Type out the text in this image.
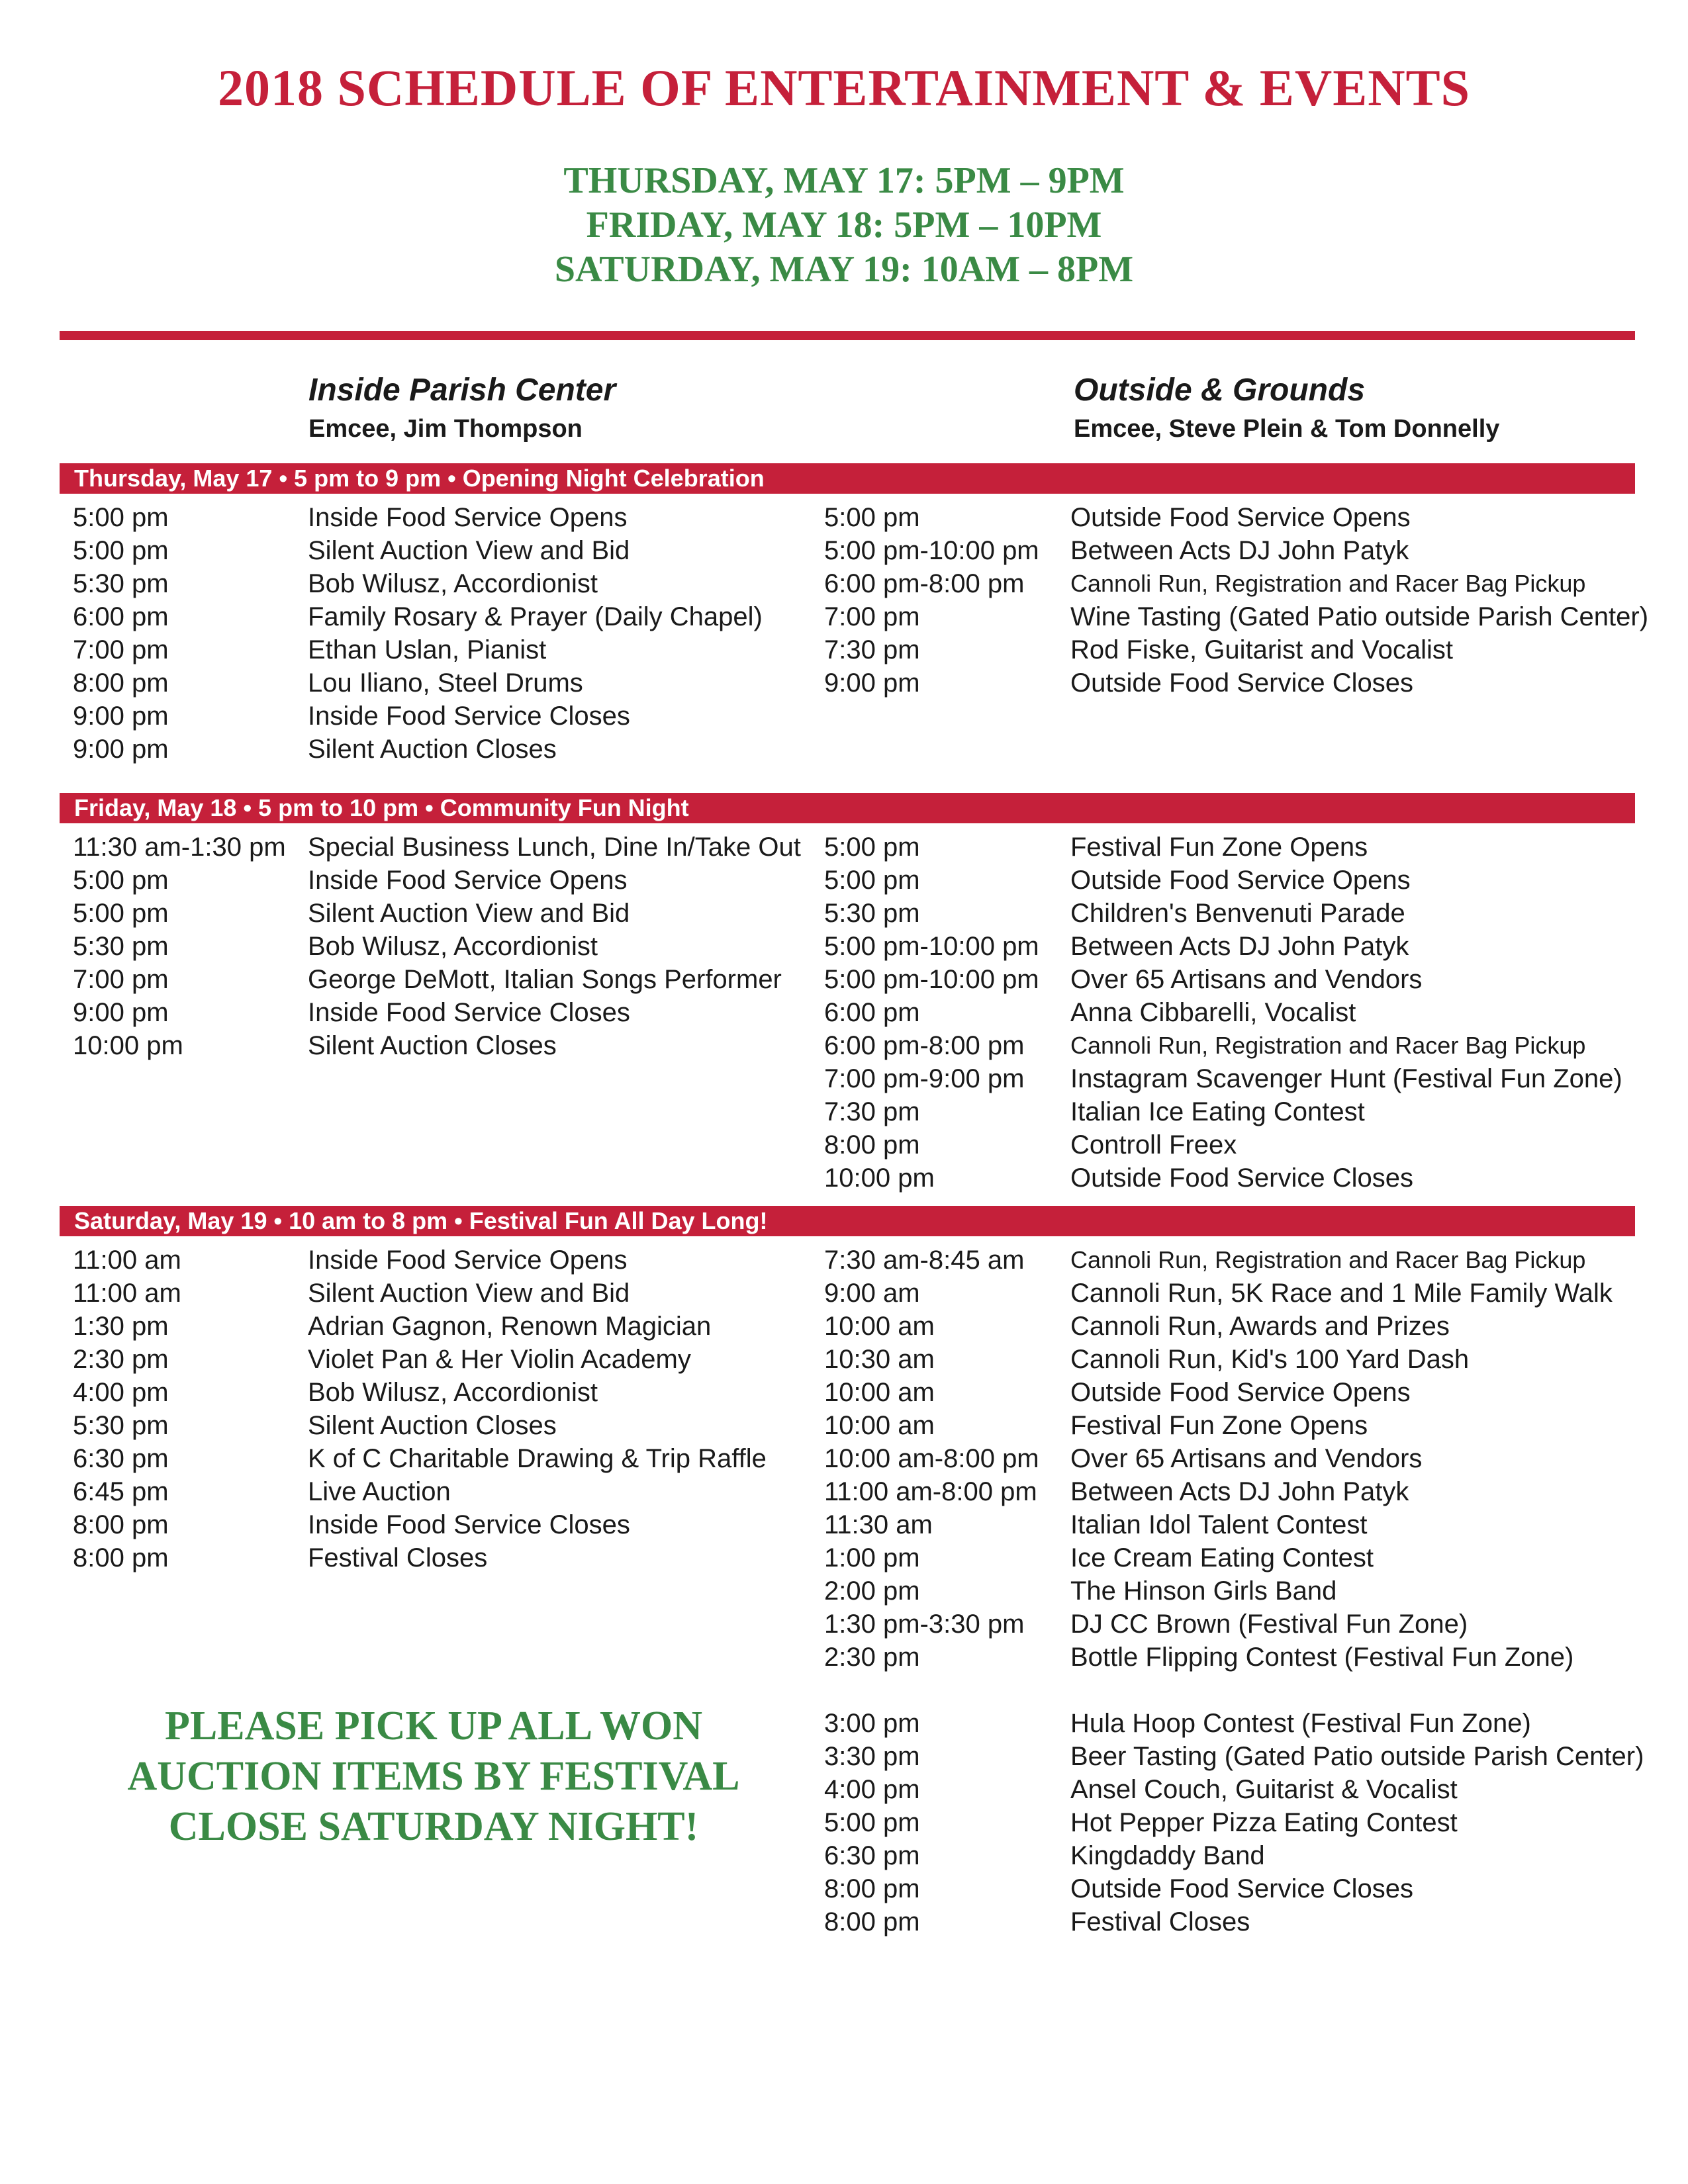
2018 SCHEDULE OF ENTERTAINMENT & EVENTS
THURSDAY, MAY 17: 5PM – 9PM
FRIDAY, MAY 18: 5PM – 10PM
SATURDAY, MAY 19: 10AM – 8PM
Inside Parish Center
Emcee, Jim Thompson
Outside & Grounds
Emcee, Steve Plein & Tom Donnelly
Thursday, May 17 • 5 pm to 9 pm • Opening Night Celebration
5:00 pm	Inside Food Service Opens
5:00 pm	Silent Auction View and Bid
5:30 pm	Bob Wilusz, Accordionist
6:00 pm	Family Rosary & Prayer (Daily Chapel)
7:00 pm	Ethan Uslan, Pianist
8:00 pm	Lou Iliano, Steel Drums
9:00 pm	Inside Food Service Closes
9:00 pm	Silent Auction Closes
5:00 pm	Outside Food Service Opens
5:00 pm-10:00 pm Between Acts DJ John Patyk
6:00 pm-8:00 pm Cannoli Run, Registration and Racer Bag Pickup
7:00 pm	Wine Tasting (Gated Patio outside Parish Center)
7:30 pm	Rod Fiske, Guitarist and Vocalist
9:00 pm	Outside Food Service Closes
Friday, May 18 • 5 pm to 10 pm • Community Fun Night
11:30 am-1:30 pm Special Business Lunch, Dine In/Take Out
5:00 pm	Inside Food Service Opens
5:00 pm	Silent Auction View and Bid
5:30 pm	Bob Wilusz, Accordionist
7:00 pm	George DeMott, Italian Songs Performer
9:00 pm	Inside Food Service Closes
10:00 pm	Silent Auction Closes
5:00 pm	Festival Fun Zone Opens
5:00 pm	Outside Food Service Opens
5:30 pm	Children's Benvenuti Parade
5:00 pm-10:00 pm Between Acts DJ John Patyk
5:00 pm-10:00 pm Over 65 Artisans and Vendors
6:00 pm	Anna Cibbarelli, Vocalist
6:00 pm-8:00 pm Cannoli Run, Registration and Racer Bag Pickup
7:00 pm-9:00 pm Instagram Scavenger Hunt (Festival Fun Zone)
7:30 pm	Italian Ice Eating Contest
8:00 pm	Controll Freex
10:00 pm	Outside Food Service Closes
Saturday, May 19 • 10 am to 8 pm • Festival Fun All Day Long!
11:00 am	Inside Food Service Opens
11:00 am	Silent Auction View and Bid
1:30 pm	Adrian Gagnon, Renown Magician
2:30 pm	Violet Pan & Her Violin Academy
4:00 pm	Bob Wilusz, Accordionist
5:30 pm	Silent Auction Closes
6:30 pm	K of C Charitable Drawing & Trip Raffle
6:45 pm	Live Auction
8:00 pm	Inside Food Service Closes
8:00 pm	Festival Closes
7:30 am-8:45 am Cannoli Run, Registration and Racer Bag Pickup
9:00 am	Cannoli Run, 5K Race and 1 Mile Family Walk
10:00 am	Cannoli Run, Awards and Prizes
10:30 am	Cannoli Run, Kid's 100 Yard Dash
10:00 am	Outside Food Service Opens
10:00 am	Festival Fun Zone Opens
10:00 am-8:00 pm Over 65 Artisans and Vendors
11:00 am-8:00 pm Between Acts DJ John Patyk
11:30 am	Italian Idol Talent Contest
1:00 pm	Ice Cream Eating Contest
2:00 pm	The Hinson Girls Band
1:30 pm-3:30 pm DJ CC Brown (Festival Fun Zone)
2:30 pm	Bottle Flipping Contest (Festival Fun Zone)
3:00 pm	Hula Hoop Contest (Festival Fun Zone)
3:30 pm	Beer Tasting (Gated Patio outside Parish Center)
4:00 pm	Ansel Couch, Guitarist & Vocalist
5:00 pm	Hot Pepper Pizza Eating Contest
6:30 pm	Kingdaddy Band
8:00 pm	Outside Food Service Closes
8:00 pm	Festival Closes
PLEASE PICK UP ALL WON
AUCTION ITEMS BY FESTIVAL
CLOSE SATURDAY NIGHT!
